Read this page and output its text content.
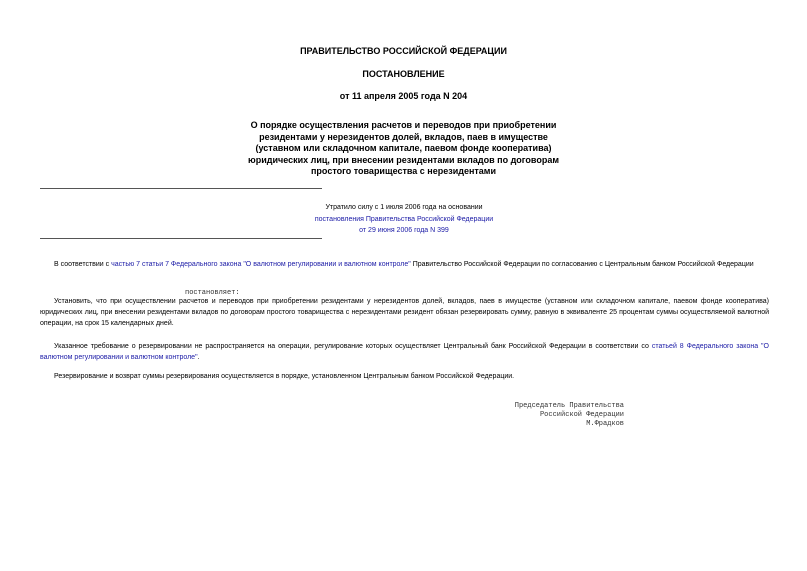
ПРАВИТЕЛЬСТВО РОССИЙСКОЙ ФЕДЕРАЦИИ
ПОСТАНОВЛЕНИЕ
от 11 апреля 2005 года N 204
О порядке осуществления расчетов и переводов при приобретении
резидентами у нерезидентов долей, вкладов, паев в имуществе
(уставном или складочном капитале, паевом фонде кооператива)
юридических лиц, при внесении резидентами вкладов по договорам
простого товарищества с нерезидентами
Утратило силу с 1 июля 2006 года на основании
постановления Правительства Российской Федерации
от 29 июня 2006 года N 399
В соответствии с частью 7 статьи 7 Федерального закона "О валютном регулировании и валютном контроле" Правительство Российской Федерации по согласованию с Центральным банком Российской Федерации
постановляет:
Установить, что при осуществлении расчетов и переводов при приобретении резидентами у нерезидентов долей, вкладов, паев в имуществе (уставном или складочном капитале, паевом фонде кооператива) юридических лиц, при внесении резидентами вкладов по договорам простого товарищества с нерезидентами резидент обязан резервировать сумму, равную в эквиваленте 25 процентам суммы осуществляемой валютной операции, на срок 15 календарных дней.
Указанное требование о резервировании не распространяется на операции, регулирование которых осуществляет Центральный банк Российской Федерации в соответствии со статьей 8 Федерального закона "О валютном регулировании и валютном контроле".
Резервирование и возврат суммы резервирования осуществляется в порядке, установленном Центральным банком Российской Федерации.
Председатель Правительства
Российской Федерации
М.Фрадков
